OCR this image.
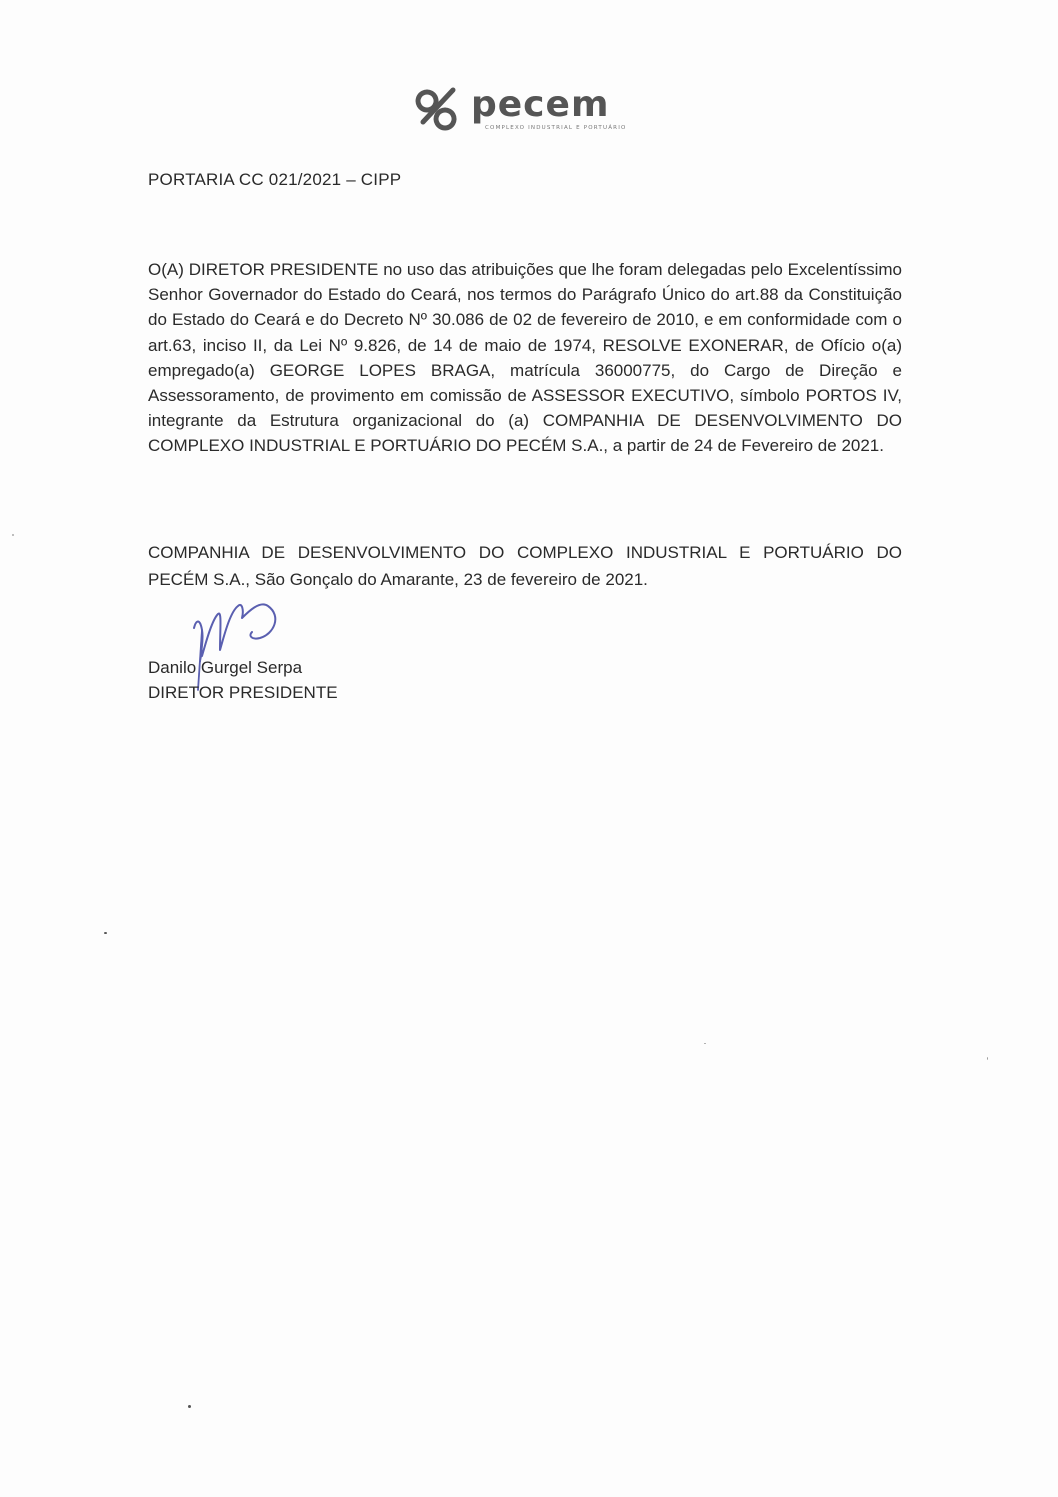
pecem
COMPLEXO INDUSTRIAL E PORTUÁRIO
PORTARIA CC 021/2021 – CIPP
O(A) DIRETOR PRESIDENTE no uso das atribuições que lhe foram delegadas pelo Excelentíssimo Senhor Governador do Estado do Ceará, nos termos do Parágrafo Único do art.88 da Constituição do Estado do Ceará e do Decreto Nº 30.086 de 02 de fevereiro de 2010, e em conformidade com o art.63, inciso II, da Lei Nº 9.826, de 14 de maio de 1974, RESOLVE EXONERAR, de Ofício o(a) empregado(a) GEORGE LOPES BRAGA, matrícula 36000775, do Cargo de Direção e Assessoramento, de provimento em comissão de ASSESSOR EXECUTIVO, símbolo PORTOS IV, integrante da Estrutura organizacional do (a) COMPANHIA DE DESENVOLVIMENTO DO COMPLEXO INDUSTRIAL E PORTUÁRIO DO PECÉM S.A., a partir de 24 de Fevereiro de 2021.
COMPANHIA DE DESENVOLVIMENTO DO COMPLEXO INDUSTRIAL E PORTUÁRIO DO PECÉM S.A., São Gonçalo do Amarante, 23 de fevereiro de 2021.
Danilo Gurgel Serpa
DIRETOR PRESIDENTE
